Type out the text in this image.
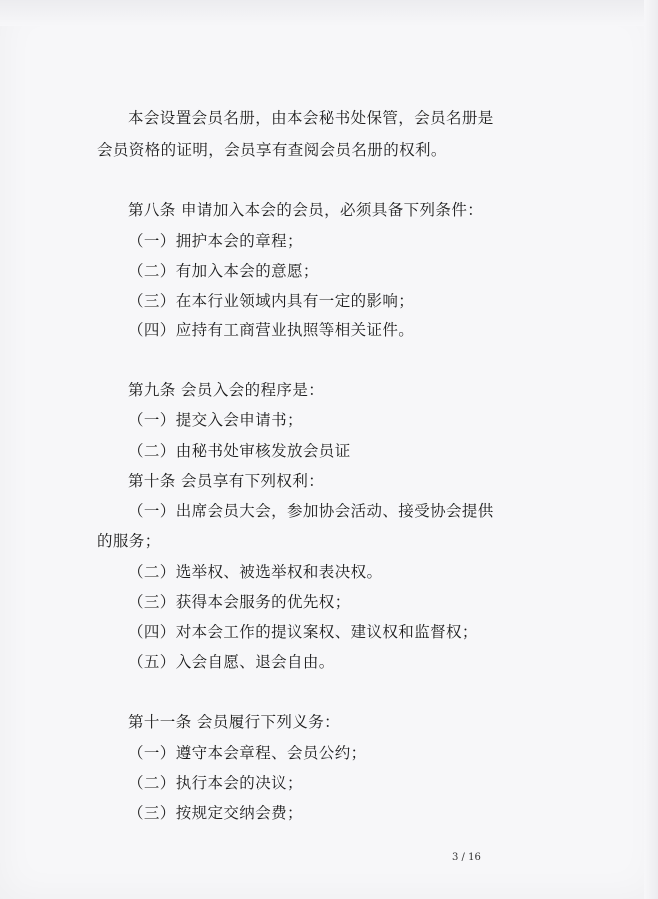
本会设置会员名册，由本会秘书处保管，会员名册是
会员资格的证明，会员享有查阅会员名册的权利。
第八条 申请加入本会的会员，必须具备下列条件：
（一）拥护本会的章程；
（二）有加入本会的意愿；
（三）在本行业领域内具有一定的影响；
（四）应持有工商营业执照等相关证件。
第九条 会员入会的程序是：
（一）提交入会申请书；
（二）由秘书处审核发放会员证
第十条 会员享有下列权利：
（一）出席会员大会，参加协会活动、接受协会提供
的服务；
（二）选举权、被选举权和表决权。
（三）获得本会服务的优先权；
（四）对本会工作的提议案权、建议权和监督权；
（五）入会自愿、退会自由。
第十一条 会员履行下列义务：
（一）遵守本会章程、会员公约；
（二）执行本会的决议；
（三）按规定交纳会费；
3 / 16
